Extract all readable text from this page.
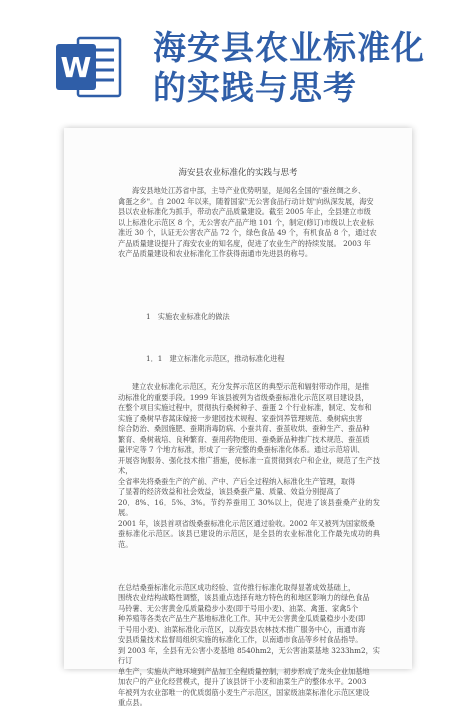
W
海安县农业标准化
的实践与思考
海安县农业标准化的实践与思考
海安县地处江苏省中部，主导产业优势明显，是闻名全国的"蚕丝绸之乡、
禽蛋之乡"。自 2002 年以来，随着国家"无公害食品行动计划"向纵深发展，海安
县以农业标准化为抓手，带动农产品质量建设。截至 2005 年止，全县建立市级
以上标准化示范区 8 个，无公害农产品产地 101 个，制定(修订)市级以上农业标
准近 30 个，认证无公害农产品 72 个，绿色食品 49 个，有机食品 8 个，通过农
产品质量建设提升了海安农业的知名度，促进了农业生产的持续发展。 2003 年
农产品质量建设和农业标准化工作获得南通市先进县的称号。
1　实施农业标准化的做法
1．1　建立标准化示范区，推动标准化进程
建立农业标准化示范区，充分发挥示范区的典型示范和辐射带动作用，是推
动标准化的重要手段。1999 年该县被列为省级桑蚕标准化示范区项目建设县，
在整个项目实施过程中，贯彻执行桑树种子、蚕蛋 2 个行业标准，制定、发布和
实施了桑树早春蒿床嫁接一步建园技术规程、家蚕饲养管理规范、桑树病虫害
综合防治、桑园施肥、蚕期消毒防病、小蚕共育、蚕茧收烘、蚕种生产、蚕品种
繁育、桑树栽培、良种繁育、蚕用药物使用、蚕桑新品种推广技术规范、蚕茧质
量评定等 7 个地方标准，形成了一套完整的桑蚕标准化体系。通过示范培训、
开展咨询服务、强化技术推广措施，使标准一直贯彻到农户和企业，规范了生产技术，
全省率先将桑蚕生产的产前、产中、产后全过程纳入标准化生产管理，取得
了显著的经济效益和社会效益，该县桑蚕产量、质量、效益分别提高了
20．8%、16．5%、3%。节约养蚕用工 30%以上，促进了该县蚕桑产业的发展。
2001 年，该县首项省级桑蚕标准化示范区通过验收。2002 年又被列为国家级桑
蚕标准化示范区。该县已建设的示范区，是全县的农业标准化工作最先成功的典范。

在总结桑蚕标准化示范区成功经验、宣传推行标准化取得显著成效基础上，
围绕农业结构战略性调整，该县重点选择有地方特色的和地区影响力的绿色食品
马铃薯、无公害黄金瓜质量稳步小麦(即于号用小麦)、油菜、禽蛋、家禽5个
种养殖等各类农产品生产基地标准化工作。其中无公害黄金瓜质量稳步小麦(即
于号用小麦)、油菜标准化示范区，以海安县农林技术推广服务中心，南通市海
安县质量技术监督局组织实施的标准化工作，以南通市食品等乡村食品指导。
到 2003 年，全县有无公害小麦基地 8540hm2，无公害油菜基地 3233hm2，实行订
单生产，实施从产地环境到产品加工全程质量控制，初步形成了龙头企业加基地
加农户的产业化经营模式，提升了该县饼干小麦和油菜生产的整体水平。2003
年被列为农业部唯一的优质弱筋小麦生产示范区，国家级油菜标准化示范区建设
重点县。
